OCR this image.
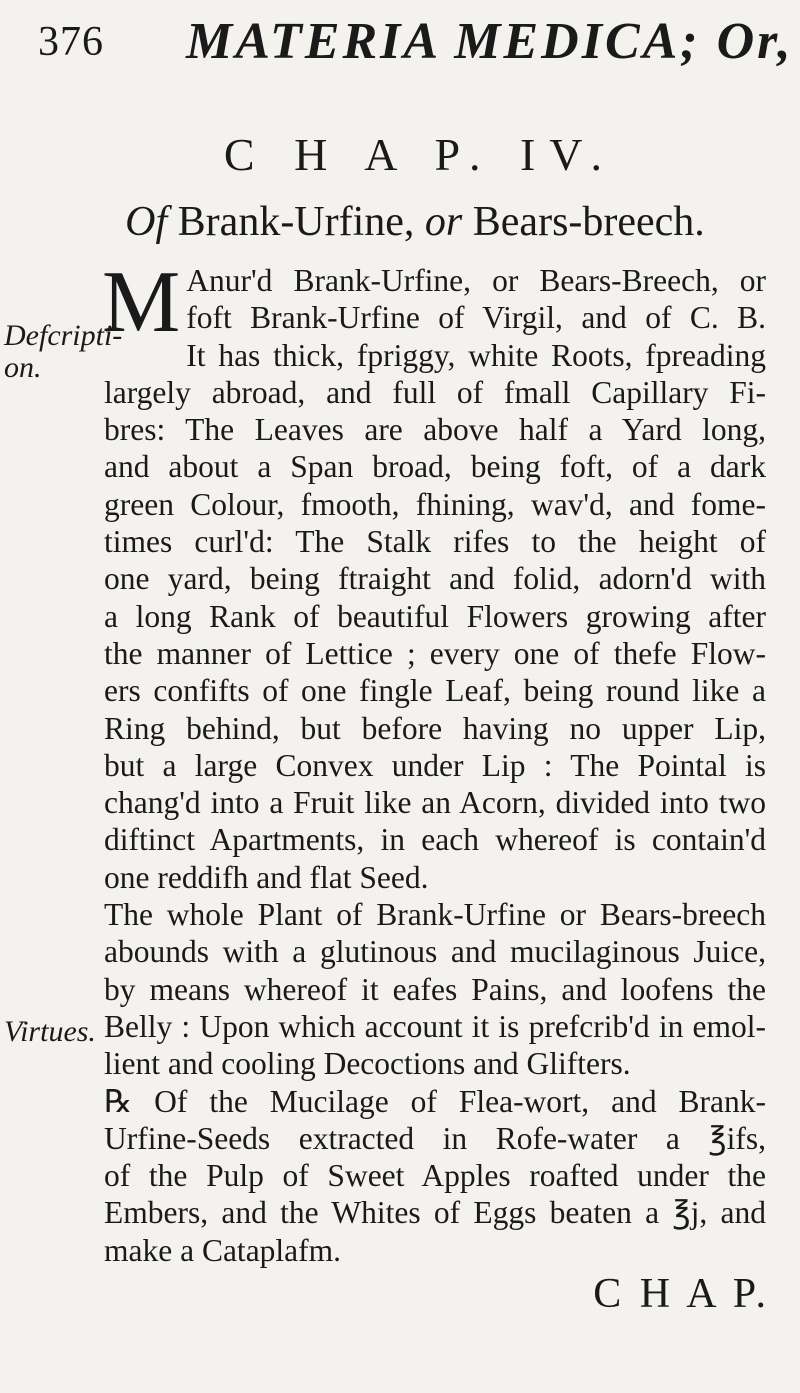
376 MATERIA MEDICA; Or,
C H A P. IV.
Of Brank-Urfine, or Bears-breech.
Defcripti-on.
Virtues.
M Anur'd Brank-Urfine, or Bears-Breech, or
foft Brank-Urfine of Virgil, and of C. B.
It has thick, fpriggy, white Roots, fpreading
largely abroad, and full of fmall Capillary Fi-
bres: The Leaves are above half a Yard long,
and about a Span broad, being foft, of a dark
green Colour, fmooth, fhining, wav'd, and fome-
times curl'd: The Stalk rifes to the height of
one yard, being ftraight and folid, adorn'd with
a long Rank of beautiful Flowers growing after
the manner of Lettice ; every one of thefe Flow-
ers confifts of one fingle Leaf, being round like a
Ring behind, but before having no upper Lip,
but a large Convex under Lip : The Pointal is
chang'd into a Fruit like an Acorn, divided into two
diftinct Apartments, in each whereof is contain'd
one reddifh and flat Seed.
The whole Plant of Brank-Urfine or Bears-breech
abounds with a glutinous and mucilaginous Juice,
by means whereof it eafes Pains, and loofens the
Belly : Upon which account it is prefcrib'd in emol-
lient and cooling Decoctions and Glifters.
℞ Of the Mucilage of Flea-wort, and Brank-
Urfine-Seeds extracted in Rofe-water a ℥ifs,
of the Pulp of Sweet Apples roafted under the
Embers, and the Whites of Eggs beaten a ℥j, and
make a Cataplafm.
C H A P.
